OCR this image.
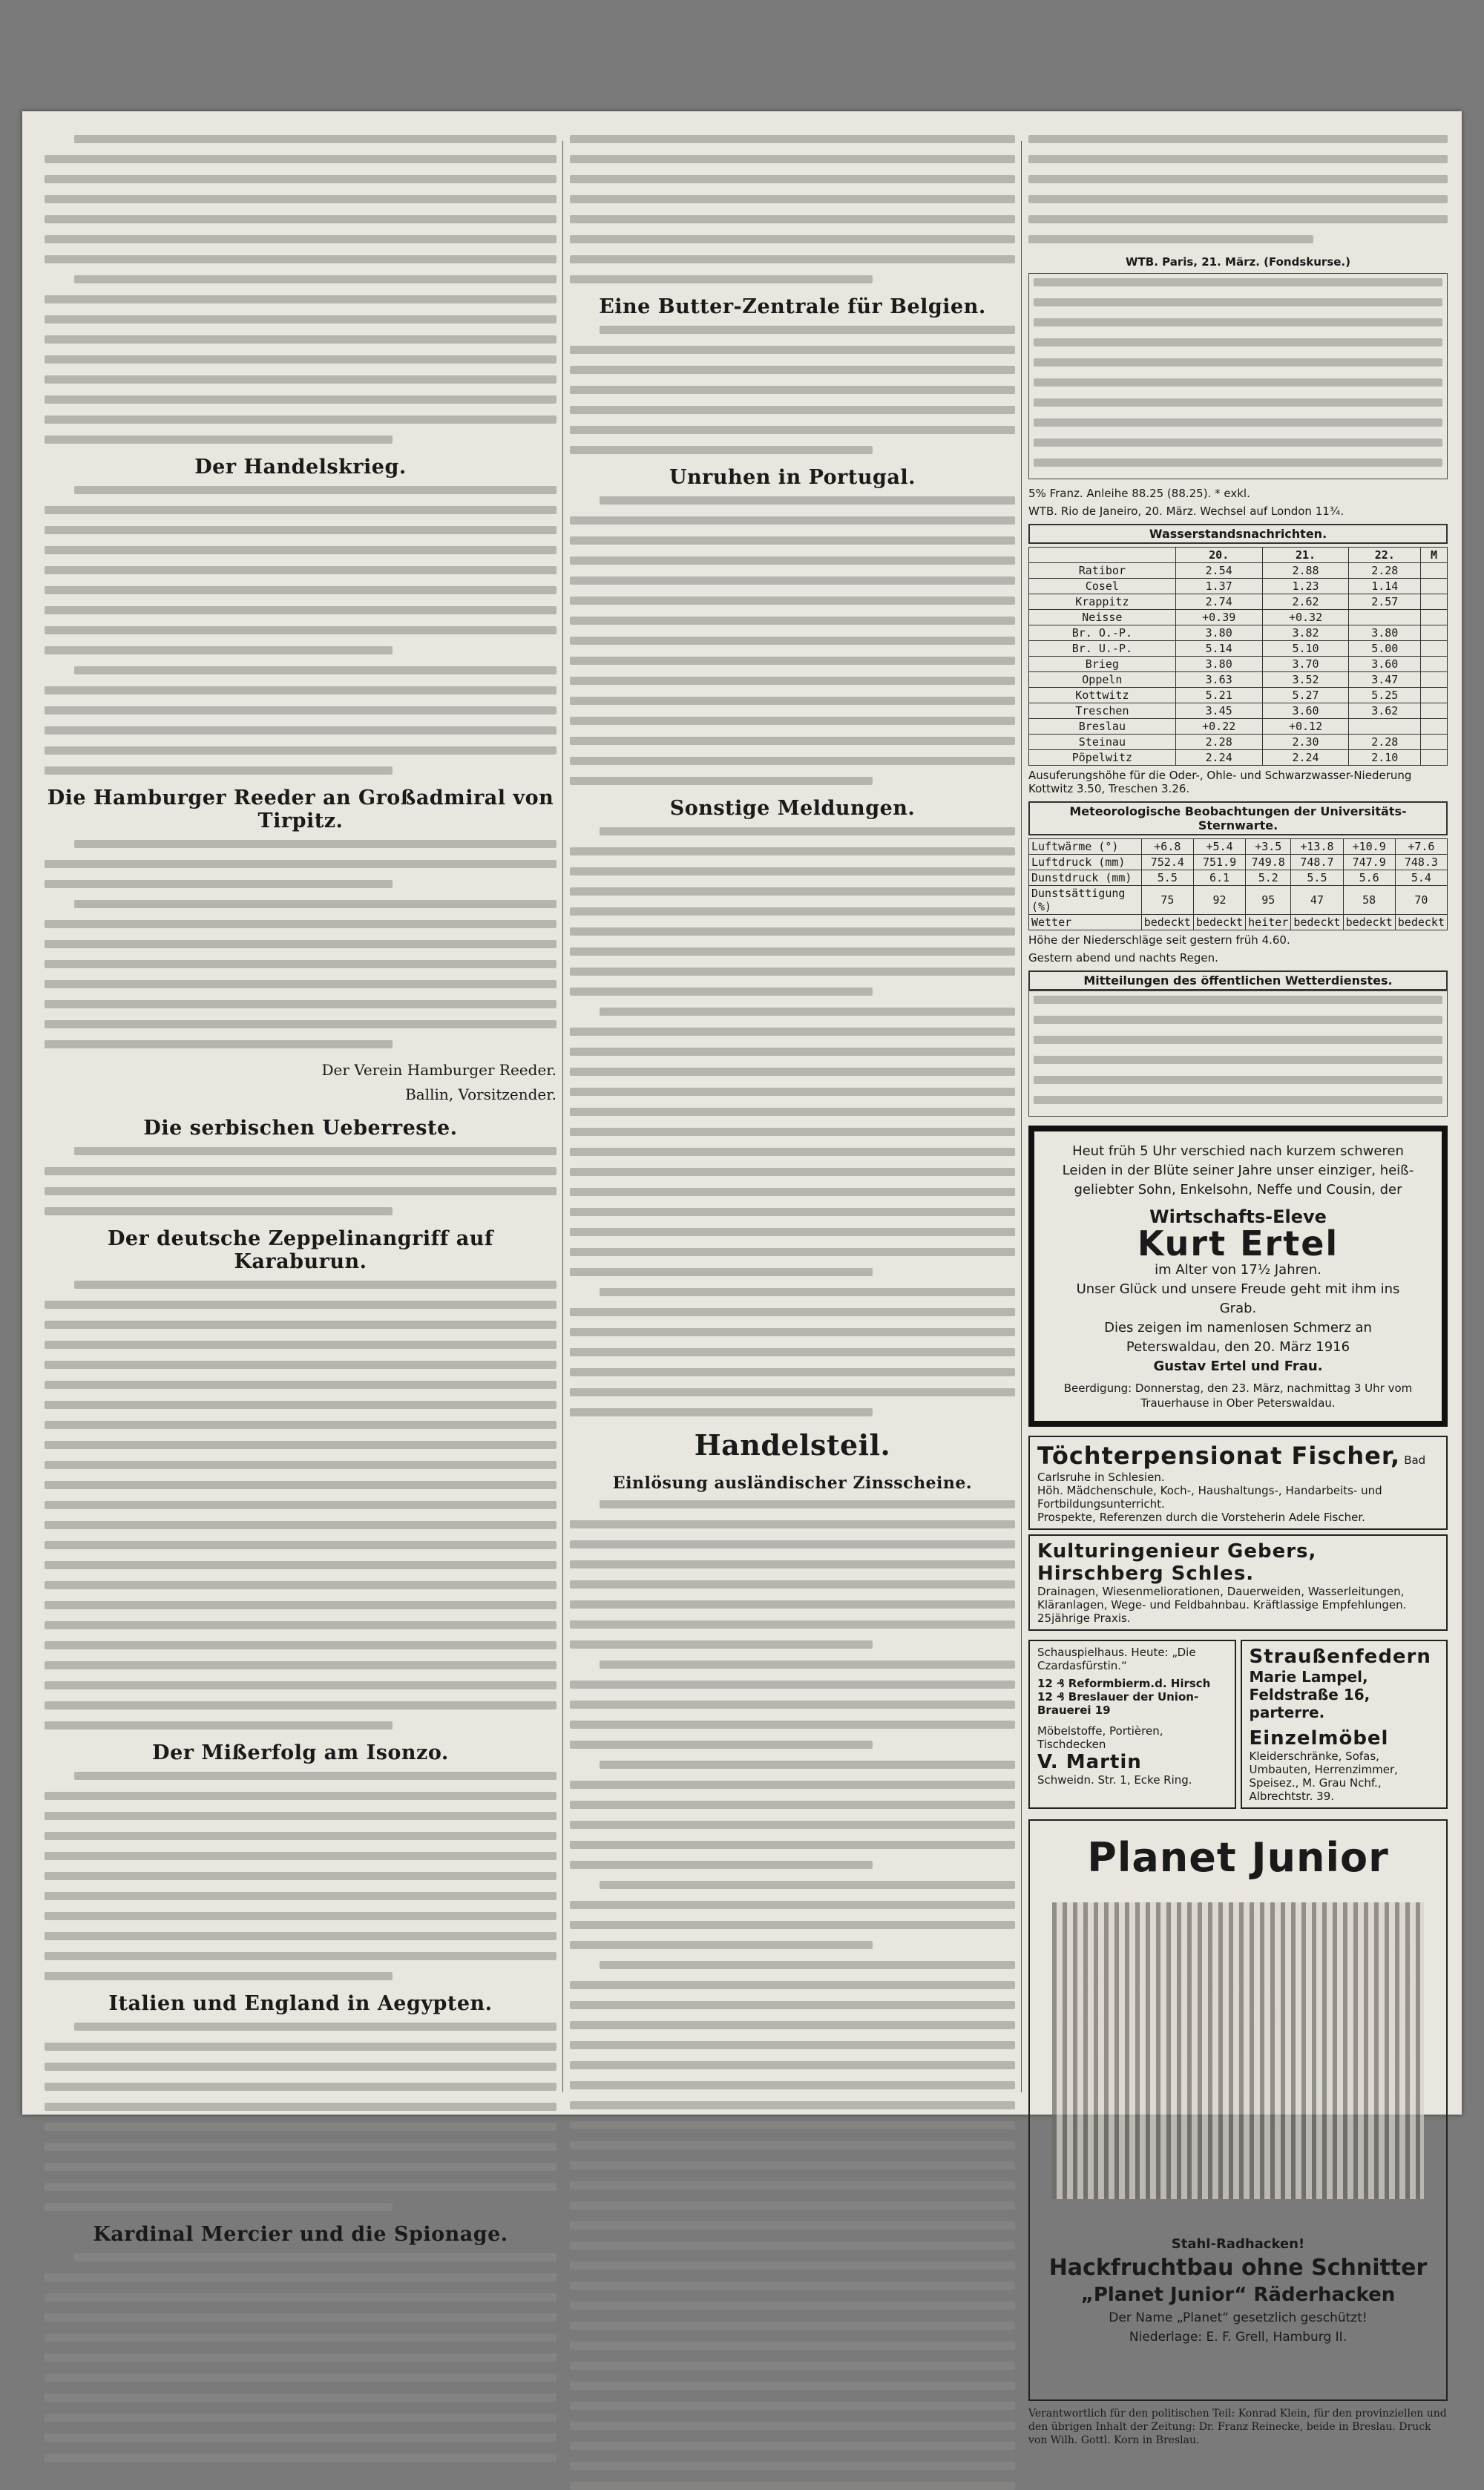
Der Handelskrieg.
Die Hamburger Reeder an Großadmiral von Tirpitz.

Der Verein Hamburger Reeder.

Ballin, Vorsitzender.

Die serbischen Ueberreste.
Der deutsche Zeppelinangriff auf Karaburun.
Der Mißerfolg am Isonzo.
Italien und England in Aegypten.
Kardinal Mercier und die Spionage.
Eine Butter-Zentrale für Belgien.
Unruhen in Portugal.
Sonstige Meldungen.
Handelsteil.
Einlösung ausländischer Zinsscheine.

WTB. Paris, 21. März. (Fondskurse.)

5% Franz. Anleihe 88.25 (88.25). * exkl.

WTB. Rio de Janeiro, 20. März. Wechsel auf London 11¾.

Wasserstandsnachrichten.
	20.	21.	22.	M
Ratibor	2.54	2.88	2.28	
Cosel	1.37	1.23	1.14	
Krappitz	2.74	2.62	2.57	
Neisse	+0.39	+0.32		
Br. O.-P.	3.80	3.82	3.80	
Br. U.-P.	5.14	5.10	5.00	
Brieg	3.80	3.70	3.60	
Oppeln	3.63	3.52	3.47	
Kottwitz	5.21	5.27	5.25	
Treschen	3.45	3.60	3.62	
Breslau	+0.22	+0.12		
Steinau	2.28	2.30	2.28	
Pöpelwitz	2.24	2.24	2.10	

Ausuferungshöhe für die Oder-, Ohle- und Schwarzwasser-Niederung Kottwitz 3.50, Treschen 3.26.

Meteorologische Beobachtungen der Universitäts-Sternwarte.
Luftwärme (°)	+6.8	+5.4	+3.5	+13.8	+10.9	+7.6
Luftdruck (mm)	752.4	751.9	749.8	748.7	747.9	748.3
Dunstdruck (mm)	5.5	6.1	5.2	5.5	5.6	5.4
Dunstsättigung (%)	75	92	95	47	58	70
Wetter	bedeckt	bedeckt	heiter	bedeckt	bedeckt	bedeckt

Höhe der Niederschläge seit gestern früh 4.60.

Gestern abend und nachts Regen.

Mitteilungen des öffentlichen Wetterdienstes.
Heut früh 5 Uhr verschied nach kurzem schweren
Leiden in der Blüte seiner Jahre unser einziger, heiß-
geliebter Sohn, Enkelsohn, Neffe und Cousin, der
Wirtschafts-Eleve
Kurt Ertel
im Alter von 17½ Jahren.
Unser Glück und unsere Freude geht mit ihm ins
Grab.
Dies zeigen im namenlosen Schmerz an
Peterswaldau, den 20. März 1916
Gustav Ertel und Frau.
Beerdigung: Donnerstag, den 23. März, nachmittag 3 Uhr vom Trauerhause in Ober Peterswaldau.
Töchterpensionat Fischer, Bad Carlsruhe in Schlesien.
Höh. Mädchenschule, Koch-, Haushaltungs-, Handarbeits- und Fortbildungsunterricht.
Prospekte, Referenzen durch die Vorsteherin Adele Fischer.
Kulturingenieur Gebers, Hirschberg Schles.
Drainagen, Wiesenmeliorationen, Dauerweiden, Wasserleitungen, Kläranlagen, Wege- und Feldbahnbau. Kräftlassige Empfehlungen. 25jährige Praxis.
Schauspielhaus. Heute: „Die Czardasfürstin.“
12 ₰ Reformbierm.d. Hirsch 12 ₰ Breslauer der Union-Brauerei 19
Möbelstoffe, Portièren, Tischdecken
V. Martin
Schweidn. Str. 1, Ecke Ring.
Straußenfedern
Marie Lampel, Feldstraße 16, parterre.
Einzelmöbel
Kleiderschränke, Sofas, Umbauten, Herrenzimmer, Speisez., M. Grau Nchf., Albrechtstr. 39.
Planet Junior
Stahl-Radhacken!
Hackfruchtbau ohne Schnitter
„Planet Junior“ Räderhacken
Der Name „Planet“ gesetzlich geschützt!
Niederlage: E. F. Grell, Hamburg II.
Verantwortlich für den politischen Teil: Konrad Klein, für den provinziellen und den übrigen Inhalt der Zeitung: Dr. Franz Reinecke, beide in Breslau. Druck von Wilh. Gottl. Korn in Breslau.
